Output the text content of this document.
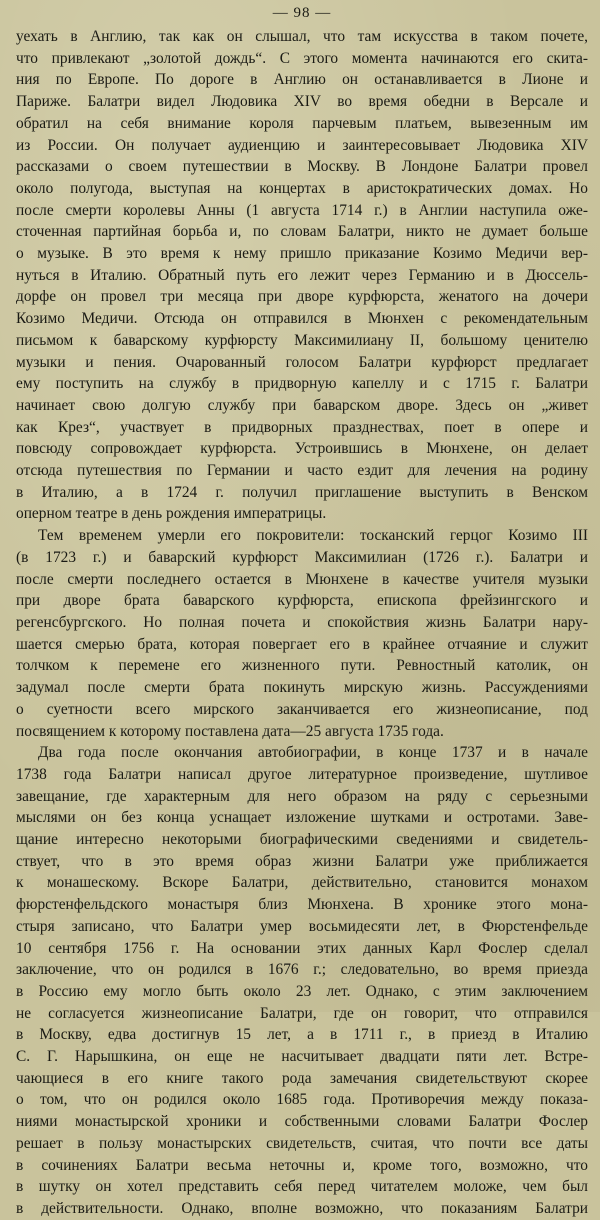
— 98 —

уехать в Англию, так как он слышал, что там искусства в таком почете,
что привлекают „золотой дождь“. С этого момента начинаются его скита-
ния по Европе. По дороге в Англию он останавливается в Лионе и
Париже. Балатри видел Людовика XIV во время обедни в Версале и
обратил на себя внимание короля парчевым платьем, вывезенным им
из России. Он получает аудиенцию и заинтересовывает Людовика XIV
рассказами о своем путешествии в Москву. В Лондоне Балатри провел
около полугода, выступая на концертах в аристократических домах. Но
после смерти королевы Анны (1 августа 1714 г.) в Англии наступила оже-
сточенная партийная борьба и, по словам Балатри, никто не думает больше
о музыке. В это время к нему пришло приказание Козимо Медичи вер-
нуться в Италию. Обратный путь его лежит через Германию и в Дюссель-
дорфе он провел три месяца при дворе курфюрста, женатого на дочери
Козимо Медичи. Отсюда он отправился в Мюнхен с рекомендательным
письмом к баварскому курфюрсту Максимилиану II, большому ценителю
музыки и пения. Очарованный голосом Балатри курфюрст предлагает
ему поступить на службу в придворную капеллу и с 1715 г. Балатри
начинает свою долгую службу при баварском дворе. Здесь он „живет
как Крез“, участвует в придворных празднествах, поет в опере и
повсюду сопровождает курфюрста. Устроившись в Мюнхене, он делает
отсюда путешествия по Германии и часто ездит для лечения на родину
в Италию, а в 1724 г. получил приглашение выступить в Венском
оперном театре в день рождения императрицы.

Тем временем умерли его покровители: тосканский герцог Козимо III
(в 1723 г.) и баварский курфюрст Максимилиан (1726 г.). Балатри и
после смерти последнего остается в Мюнхене в качестве учителя музыки
при дворе брата баварского курфюрста, епископа фрейзингского и
регенсбургского. Но полная почета и спокойствия жизнь Балатри нару-
шается смерью брата, которая повергает его в крайнее отчаяние и служит
толчком к перемене его жизненного пути. Ревностный католик, он
задумал после смерти брата покинуть мирскую жизнь. Рассуждениями
о суетности всего мирского заканчивается его жизнеописание, под
посвящением к которому поставлена дата—25 августа 1735 года.

Два года после окончания автобиографии, в конце 1737 и в начале
1738 года Балатри написал другое литературное произведение, шутливое
завещание, где характерным для него образом на ряду с серьезными
мыслями он без конца уснащает изложение шутками и остротами. Заве-
щание интересно некоторыми биографическими сведениями и свидетель-
ствует, что в это время образ жизни Балатри уже приближается
к монашескому. Вскоре Балатри, действительно, становится монахом
фюрстенфельдского монастыря близ Мюнхена. В хронике этого мона-
стыря записано, что Балатри умер восьмидесяти лет, в Фюрстенфельде
10 сентября 1756 г. На основании этих данных Карл Фослер сделал
заключение, что он родился в 1676 г.; следовательно, во время приезда
в Россию ему могло быть около 23 лет. Однако, с этим заключением
не согласуется жизнеописание Балатри, где он говорит, что отправился
в Москву, едва достигнув 15 лет, а в 1711 г., в приезд в Италию
С. Г. Нарышкина, он еще не насчитывает двадцати пяти лет. Встре-
чающиеся в его книге такого рода замечания свидетельствуют скорее
о том, что он родился около 1685 года. Противоречия между показа-
ниями монастырской хроники и собственными словами Балатри Фослер
решает в пользу монастырских свидетельств, считая, что почти все даты
в сочинениях Балатри весьма неточны и, кроме того, возможно, что
в шутку он хотел представить себя перед читателем моложе, чем был
в действительности. Однако, вполне возможно, что показаниям Балатри
